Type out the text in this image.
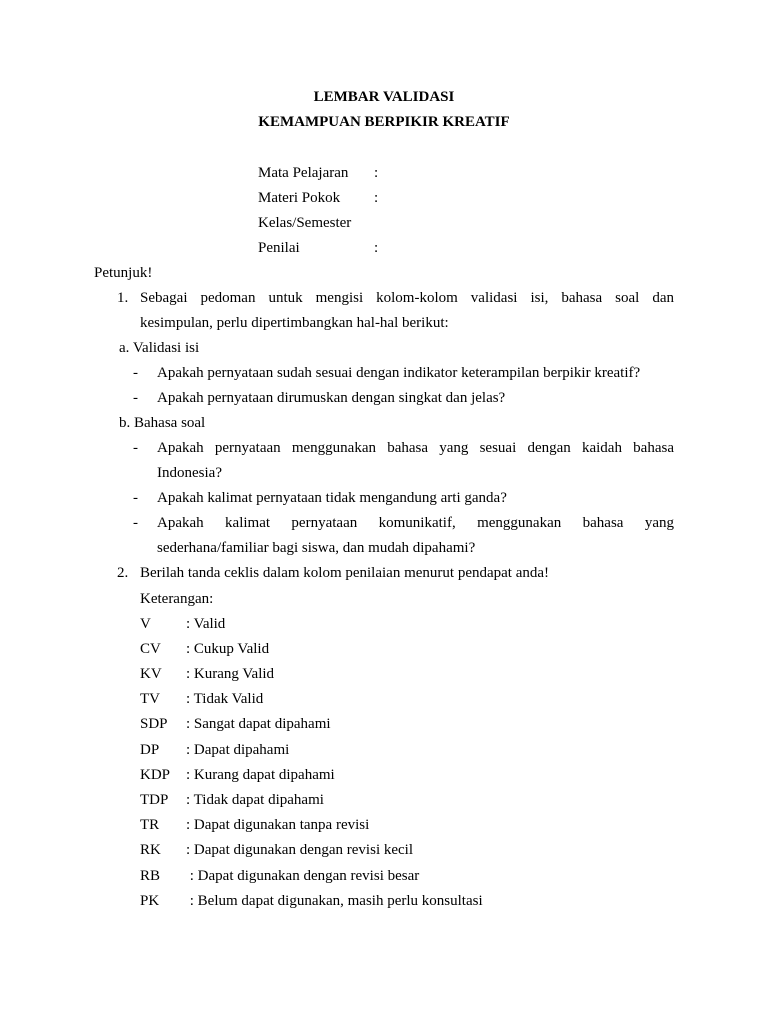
LEMBAR VALIDASI
KEMAMPUAN BERPIKIR KREATIF
Mata Pelajaran :
Materi Pokok :
Kelas/Semester
Penilai	:
Petunjuk!
1. Sebagai pedoman untuk mengisi kolom-kolom validasi isi, bahasa soal dan
kesimpulan, perlu dipertimbangkan hal-hal berikut:
a. Validasi isi
- Apakah pernyataan sudah sesuai dengan indikator keterampilan berpikir kreatif?
- Apakah pernyataan dirumuskan dengan singkat dan jelas?
b. Bahasa soal
- Apakah pernyataan menggunakan bahasa yang sesuai dengan kaidah bahasa
Indonesia?
- Apakah kalimat pernyataan tidak mengandung arti ganda?
- Apakah kalimat pernyataan komunikatif, menggunakan bahasa yang
sederhana/familiar bagi siswa, dan mudah dipahami?
2. Berilah tanda ceklis dalam kolom penilaian menurut pendapat anda!
Keterangan:
V : Valid
CV : Cukup Valid
KV : Kurang Valid
TV : Tidak Valid
SDP : Sangat dapat dipahami
DP : Dapat dipahami
KDP : Kurang dapat dipahami
TDP : Tidak dapat dipahami
TR : Dapat digunakan tanpa revisi
RK : Dapat digunakan dengan revisi kecil
RB : Dapat digunakan dengan revisi besar
PK : Belum dapat digunakan, masih perlu konsultasi
